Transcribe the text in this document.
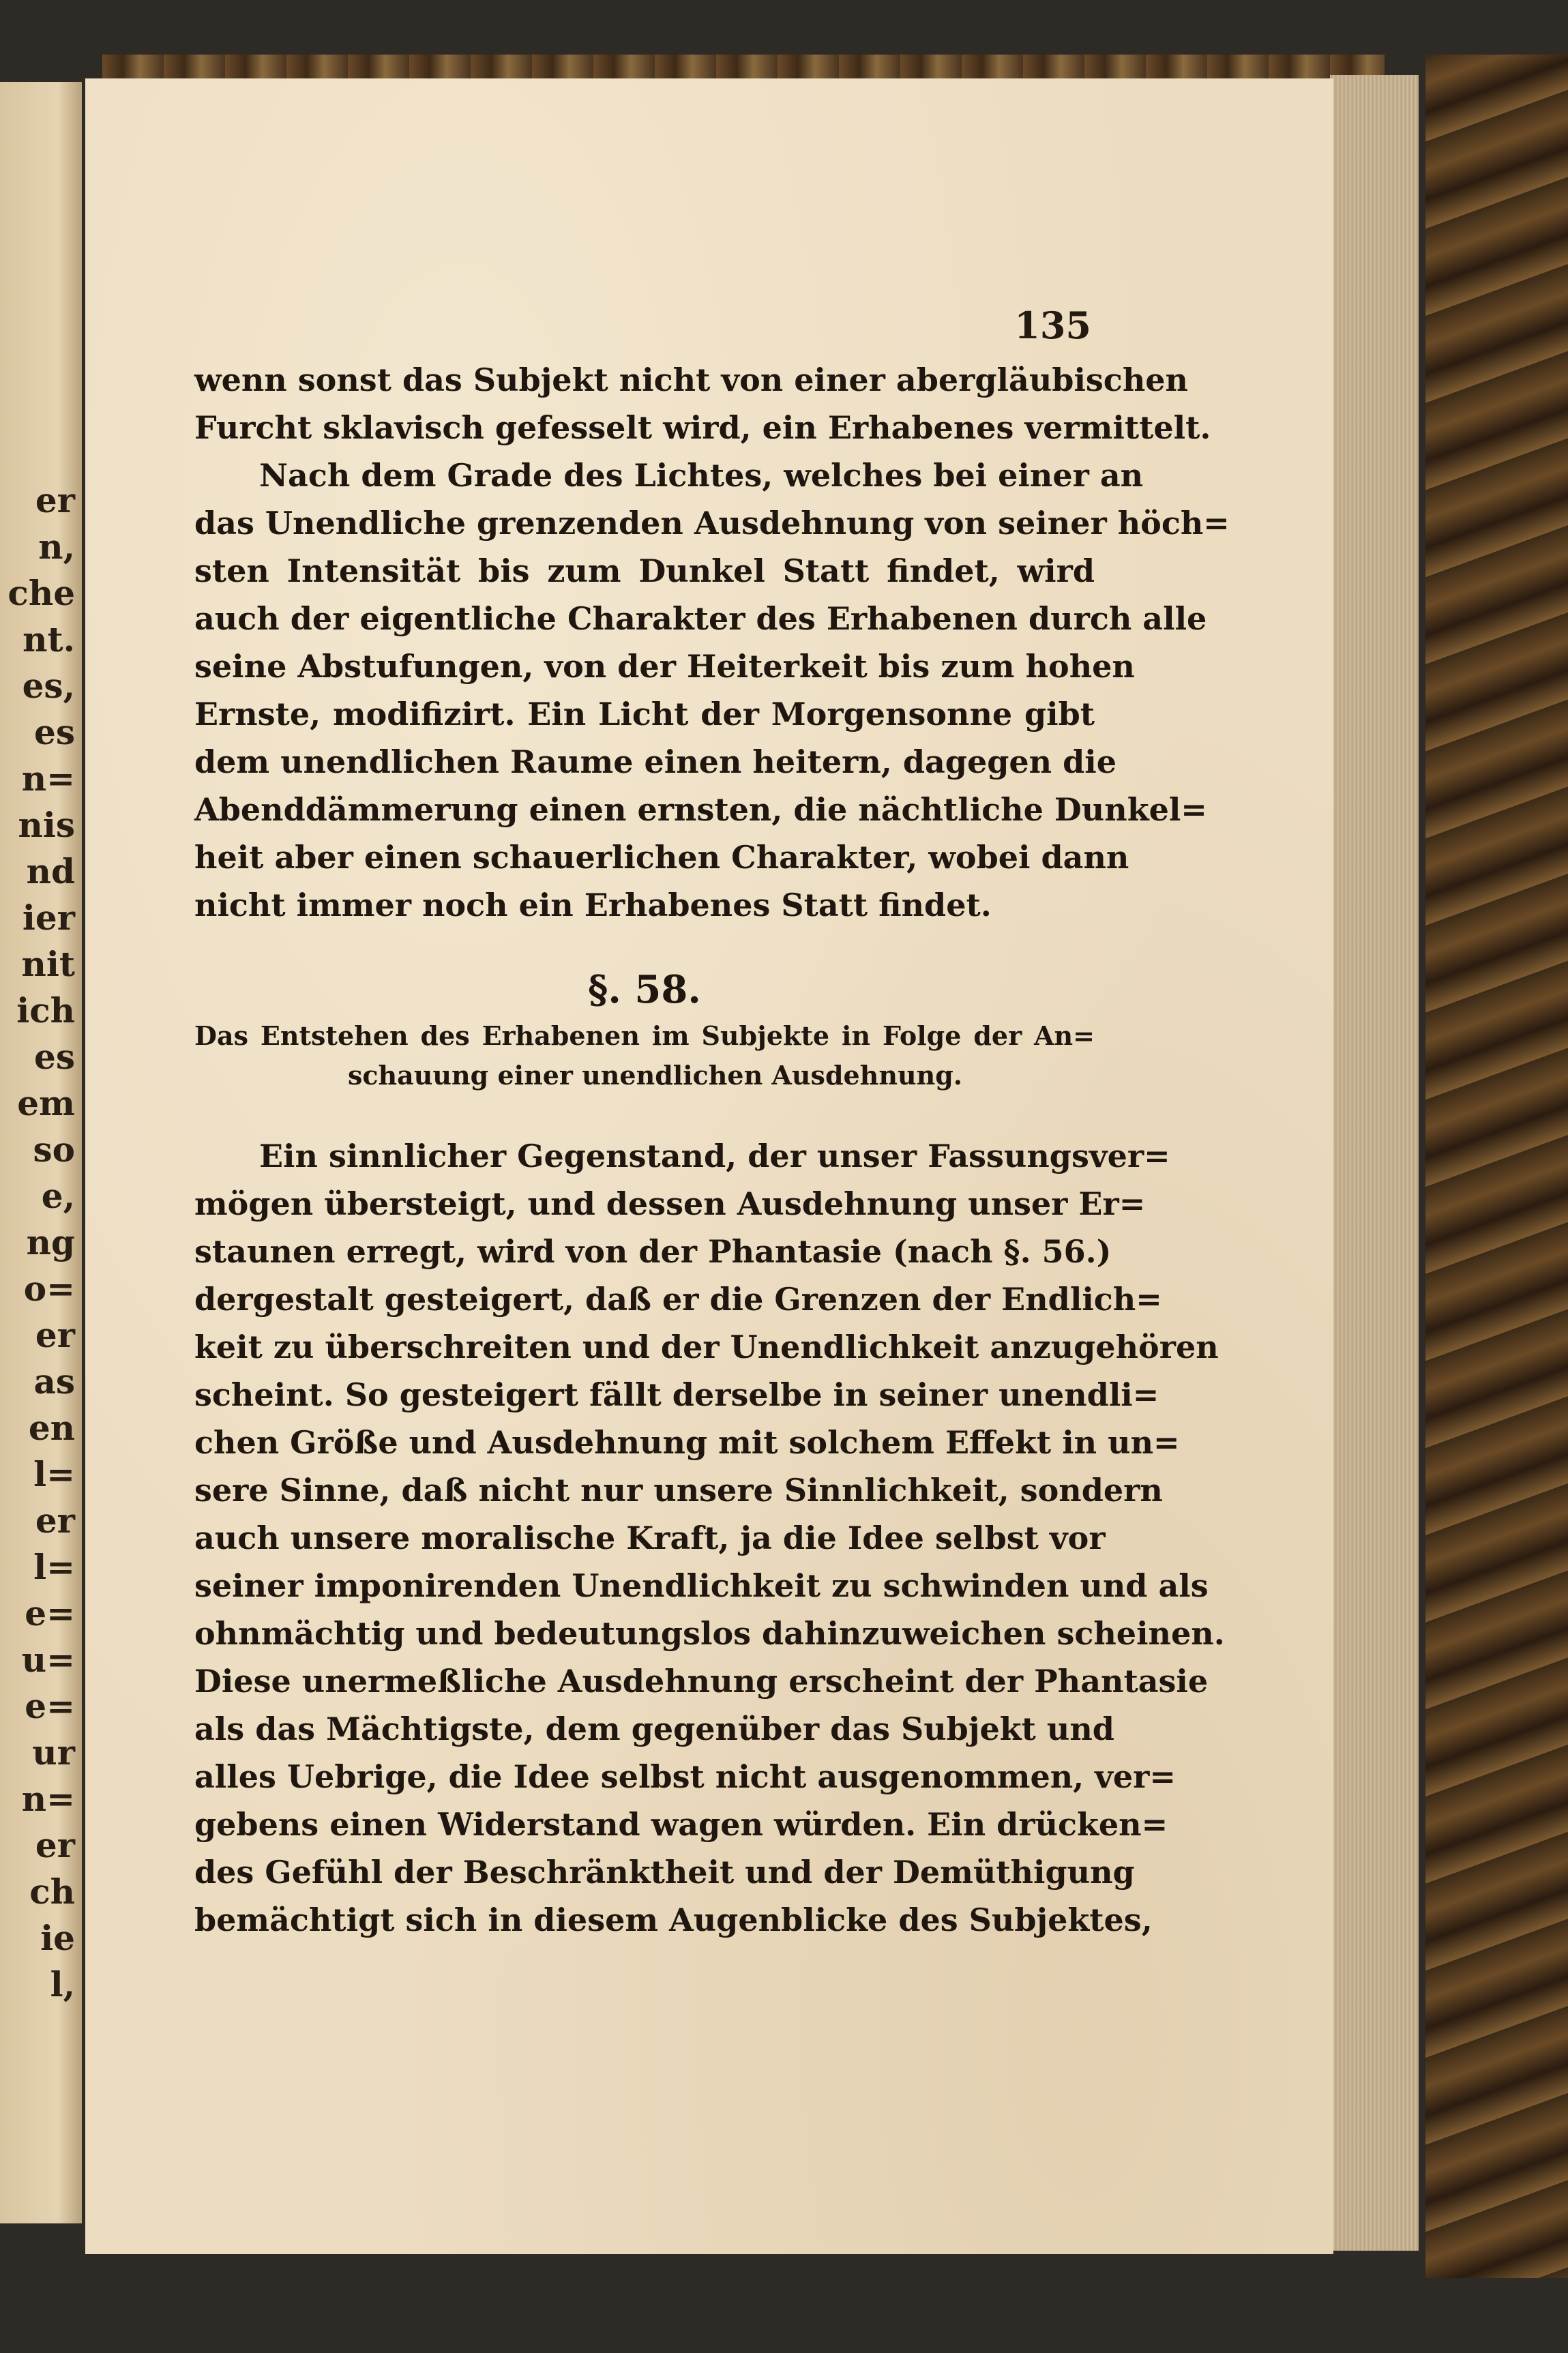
er
n,
che
nt.
es,
es
n=
nis
nd
ier
nit
ich
es
em
so
e,
ng
o=
er
as
en
l=
er
l=
e=
u=
e=
ur
n=
er
ch
ie
l,
135
wenn sonst das Subjekt nicht von einer abergläubischen
Furcht sklavisch gefesselt wird, ein Erhabenes vermittelt.
Nach dem Grade des Lichtes, welches bei einer an
das Unendliche grenzenden Ausdehnung von seiner höch=
sten Intensität bis zum Dunkel Statt findet, wird
auch der eigentliche Charakter des Erhabenen durch alle
seine Abstufungen, von der Heiterkeit bis zum hohen
Ernste, modifizirt. Ein Licht der Morgensonne gibt
dem unendlichen Raume einen heitern, dagegen die
Abenddämmerung einen ernsten, die nächtliche Dunkel=
heit aber einen schauerlichen Charakter, wobei dann
nicht immer noch ein Erhabenes Statt findet.
§. 58.
Das Entstehen des Erhabenen im Subjekte in Folge der An=
schauung einer unendlichen Ausdehnung.
Ein sinnlicher Gegenstand, der unser Fassungsver=
mögen übersteigt, und dessen Ausdehnung unser Er=
staunen erregt, wird von der Phantasie (nach §. 56.)
dergestalt gesteigert, daß er die Grenzen der Endlich=
keit zu überschreiten und der Unendlichkeit anzugehören
scheint. So gesteigert fällt derselbe in seiner unendli=
chen Größe und Ausdehnung mit solchem Effekt in un=
sere Sinne, daß nicht nur unsere Sinnlichkeit, sondern
auch unsere moralische Kraft, ja die Idee selbst vor
seiner imponirenden Unendlichkeit zu schwinden und als
ohnmächtig und bedeutungslos dahinzuweichen scheinen.
Diese unermeßliche Ausdehnung erscheint der Phantasie
als das Mächtigste, dem gegenüber das Subjekt und
alles Uebrige, die Idee selbst nicht ausgenommen, ver=
gebens einen Widerstand wagen würden. Ein drücken=
des Gefühl der Beschränktheit und der Demüthigung
bemächtigt sich in diesem Augenblicke des Subjektes,
